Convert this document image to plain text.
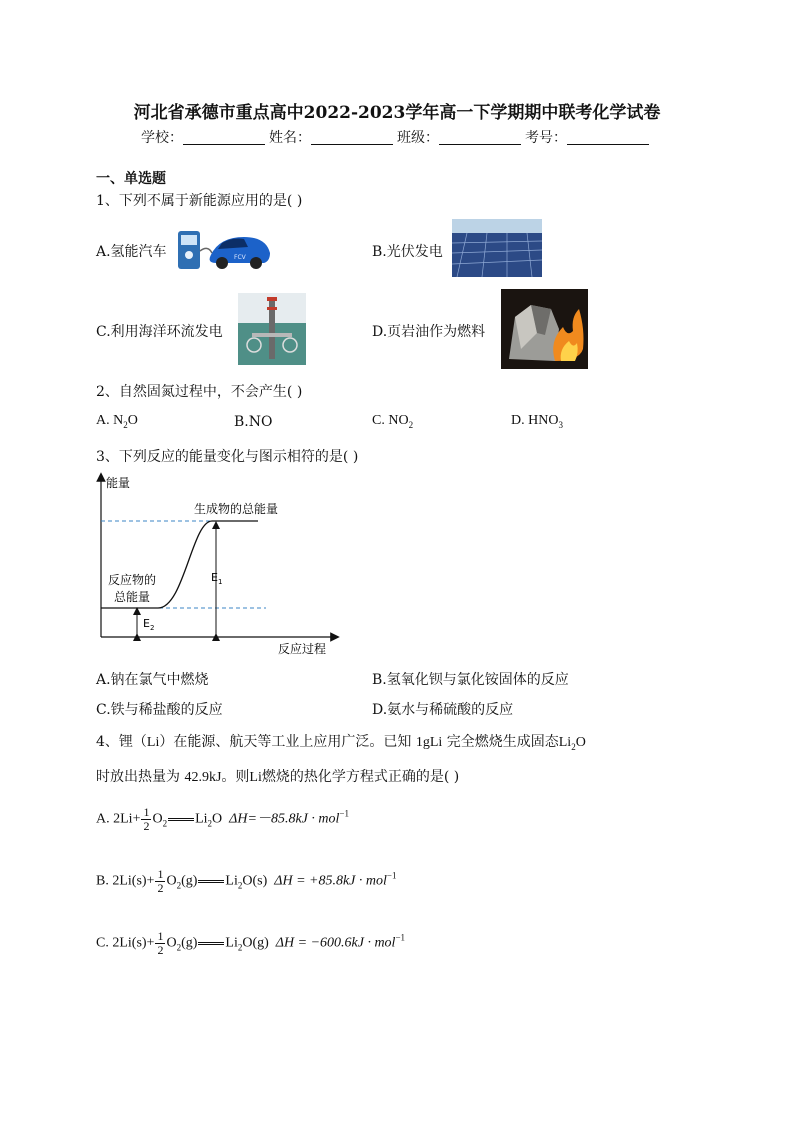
河北省承德市重点高中2022-2023学年高一下学期期中联考化学试卷
学校：	姓名：	班级：	考号：
一、单选题
1、下列不属于新能源应用的是( )
A.氢能汽车	FCV	B.光伏发电
C.利用海洋环流发电	D.页岩油作为燃料
2、自然固氮过程中，不会产生( )
A. $N_2O$	B.NO	C. $NO_2$	D. $HNO_3$
3、下列反应的能量变化与图示相符的是( )
能量
反应过程
生成物的总能量
反应物的
总能量
$E_1$
$E_2$
A.钠在氯气中燃烧	B.氢氧化钡与氯化铵固体的反应
C.铁与稀盐酸的反应	D.氨水与稀硫酸的反应
4、锂（Li）在能源、航天等工业上应用广泛。已知 1gLi 完全燃烧生成固态$Li_2O$
时放出热量为 42.9kJ。则Li燃烧的热化学方程式正确的是( )
A. $2Li+ \frac{1}{2} O_2$ $Li_2O$  ΔH=－85.8kJ · mol$^{-1}$
B. $2Li(s)+ \frac{1}{2} O_2(g)$ $Li_2O(s) \Delta H = +85.8kJ \cdot mol^{-1}$
C. $2Li(s)+ \frac{1}{2} O_2(g)$ $Li_2O(g) \Delta H = -600.6kJ \cdot mol^{-1}$
